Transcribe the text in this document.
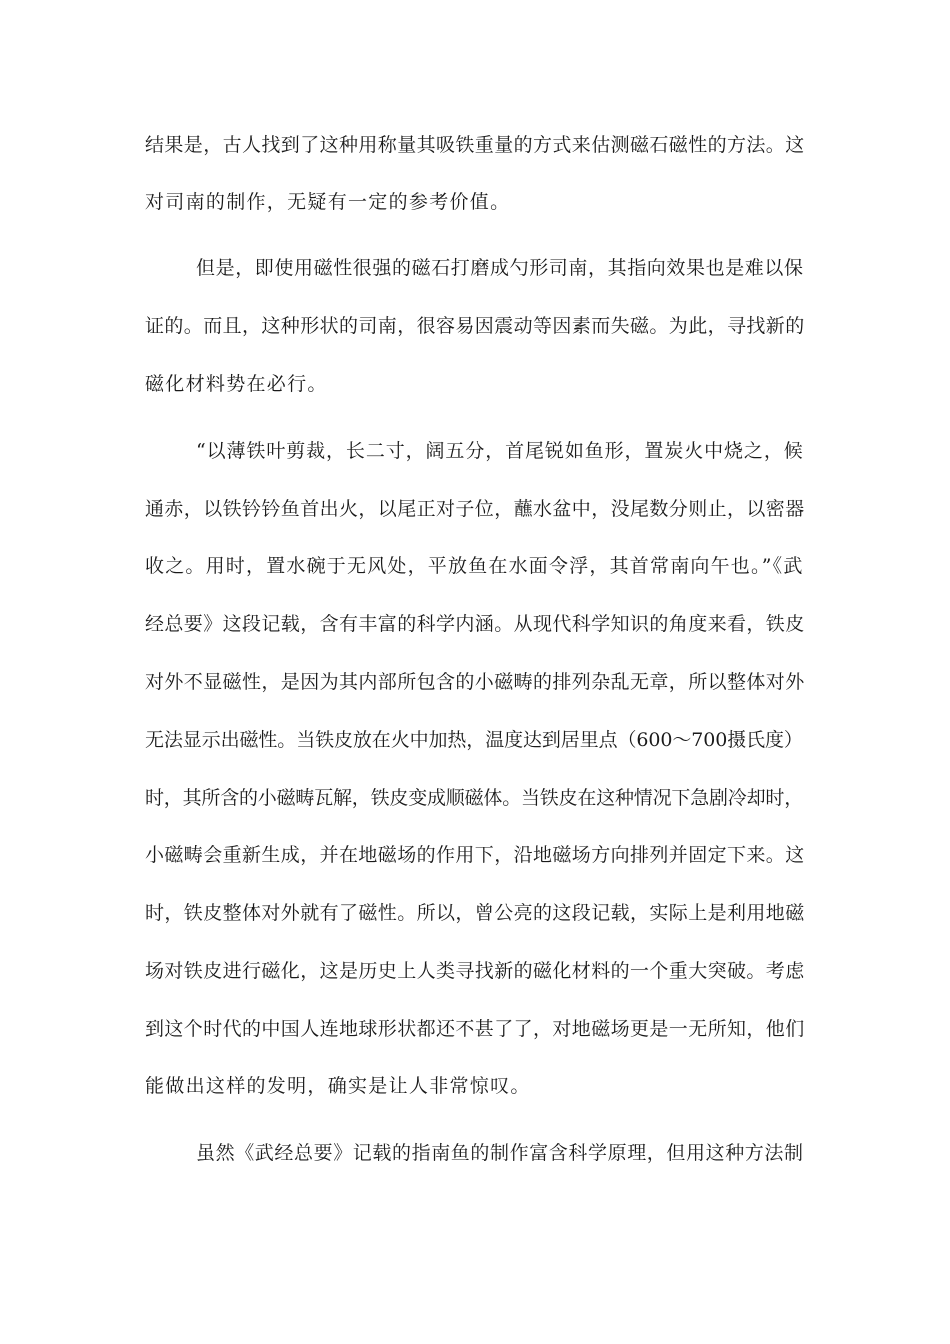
结果是，古人找到了这种用称量其吸铁重量的方式来估测磁石磁性的方法。这
对司南的制作，无疑有一定的参考价值。
但是，即使用磁性很强的磁石打磨成勺形司南，其指向效果也是难以保
证的。而且，这种形状的司南，很容易因震动等因素而失磁。为此，寻找新的
磁化材料势在必行。
“以薄铁叶剪裁，长二寸，阔五分，首尾锐如鱼形，置炭火中烧之，候
通赤，以铁钤钤鱼首出火，以尾正对子位，蘸水盆中，没尾数分则止，以密器
收之。用时，置水碗于无风处，平放鱼在水面令浮，其首常南向午也。”《武
经总要》这段记载，含有丰富的科学内涵。从现代科学知识的角度来看，铁皮
对外不显磁性，是因为其内部所包含的小磁畴的排列杂乱无章，所以整体对外
无法显示出磁性。当铁皮放在火中加热，温度达到居里点（600～700摄氏度）
时，其所含的小磁畴瓦解，铁皮变成顺磁体。当铁皮在这种情况下急剧冷却时，
小磁畴会重新生成，并在地磁场的作用下，沿地磁场方向排列并固定下来。这
时，铁皮整体对外就有了磁性。所以，曾公亮的这段记载，实际上是利用地磁
场对铁皮进行磁化，这是历史上人类寻找新的磁化材料的一个重大突破。考虑
到这个时代的中国人连地球形状都还不甚了了，对地磁场更是一无所知，他们
能做出这样的发明，确实是让人非常惊叹。
虽然《武经总要》记载的指南鱼的制作富含科学原理，但用这种方法制
